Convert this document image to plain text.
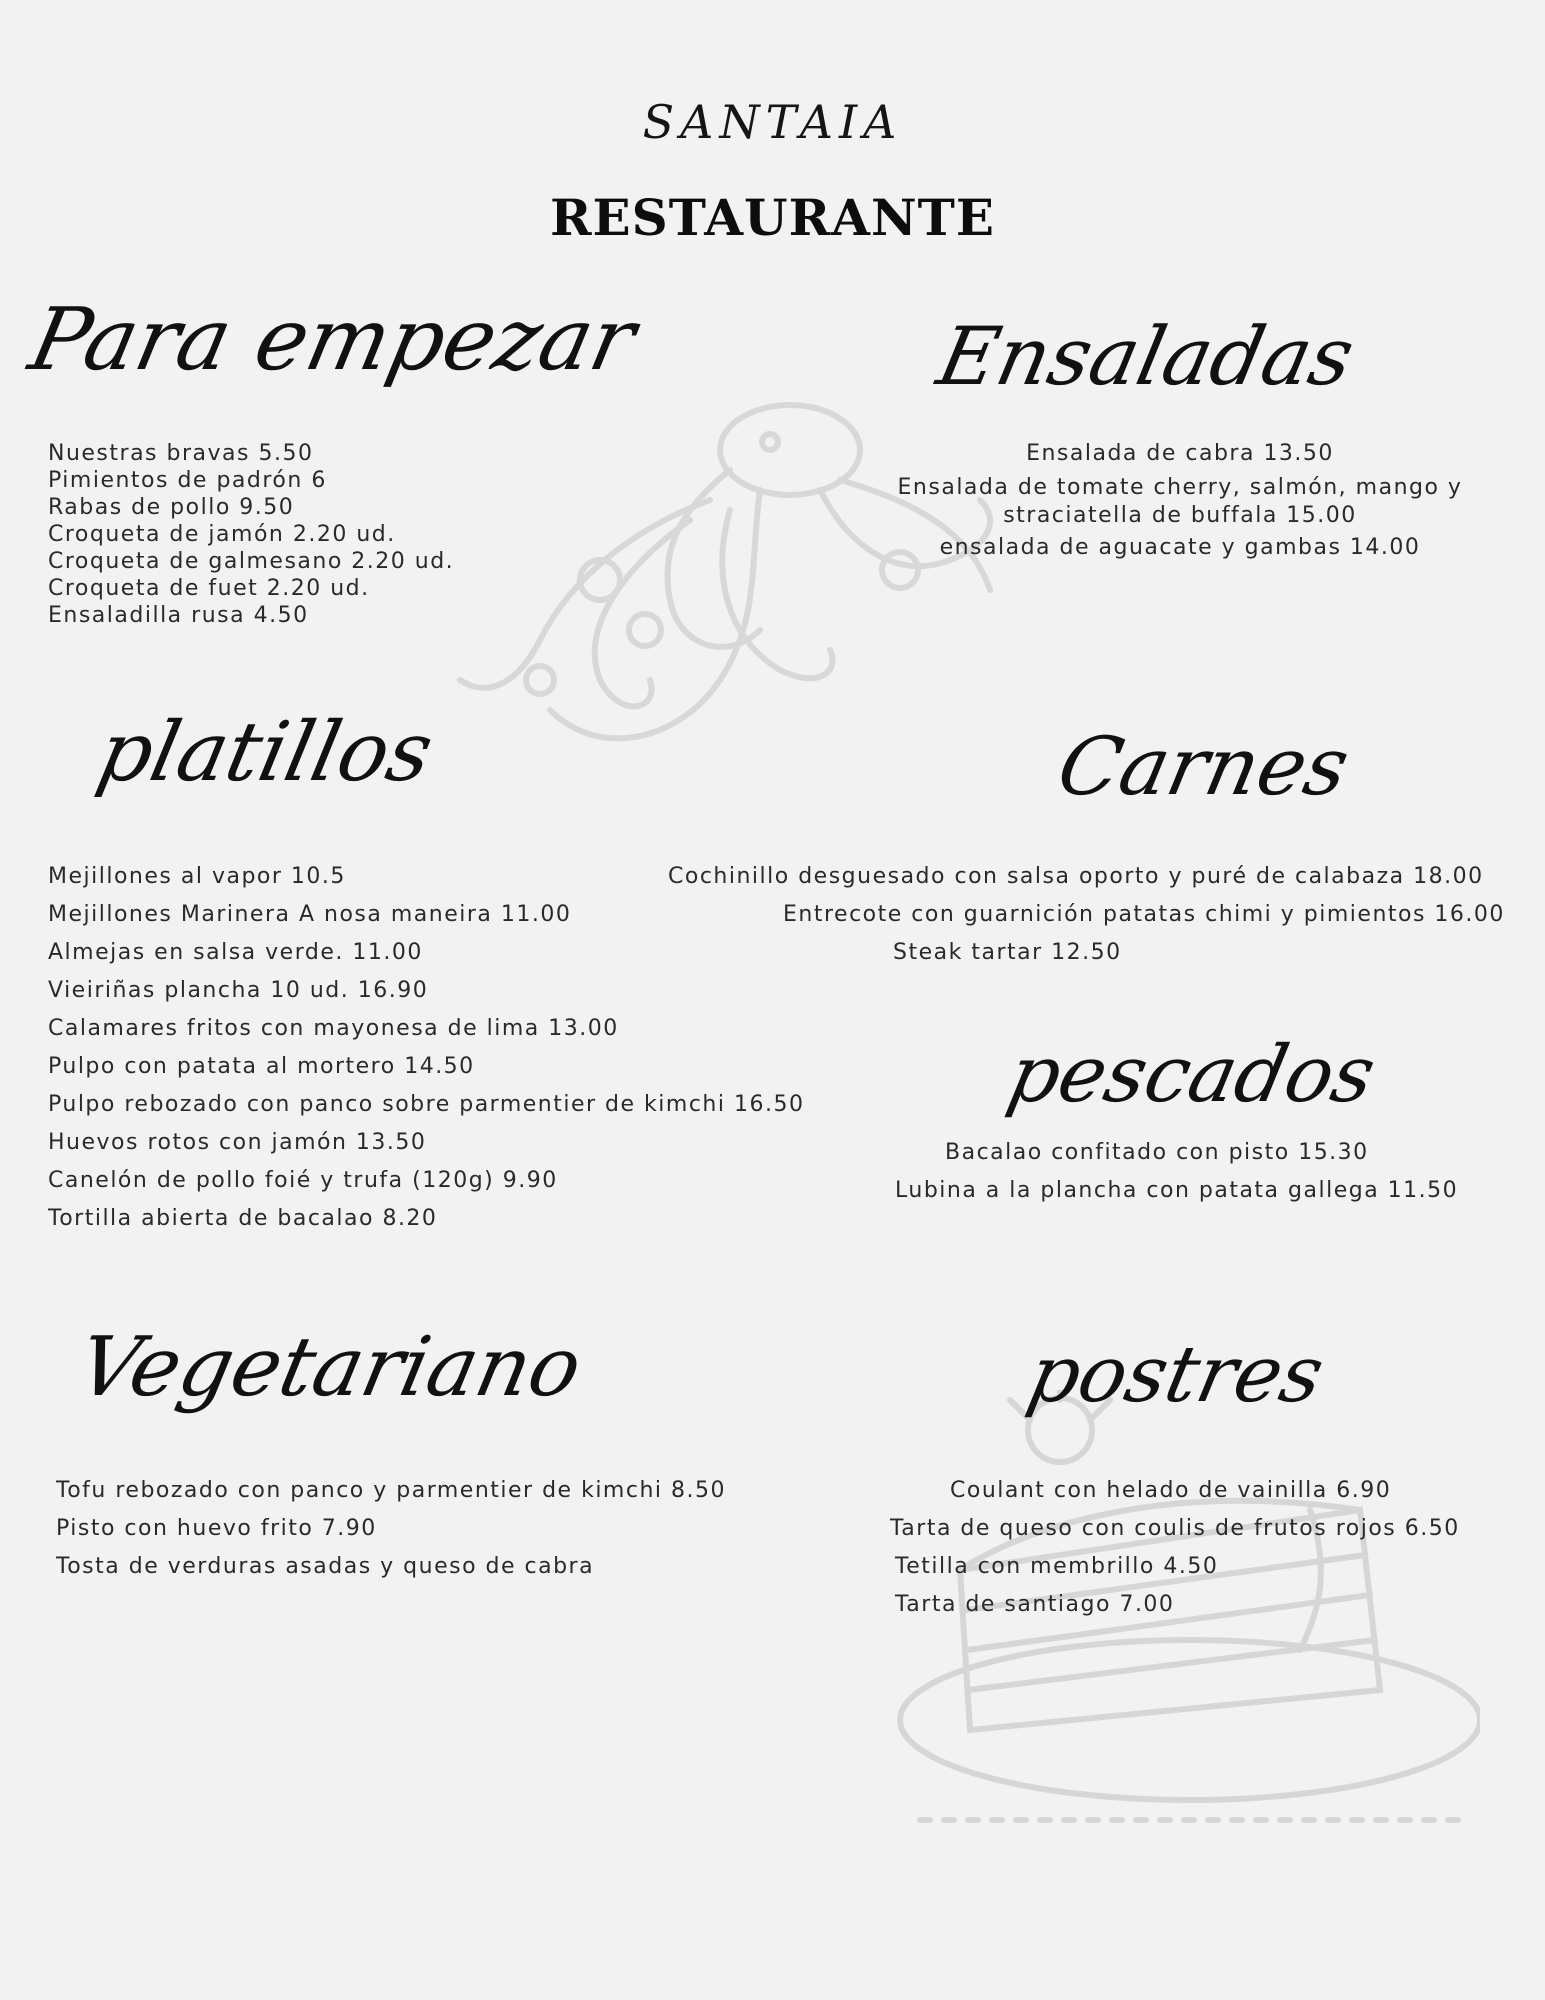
SANTAIA
RESTAURANTE
Para empezar
Nuestras bravas 5.50
Pimientos de padrón 6
Rabas de pollo 9.50
Croqueta de jamón 2.20 ud.
Croqueta de galmesano 2.20 ud.
Croqueta de fuet 2.20 ud.
Ensaladilla rusa 4.50
Ensaladas
Ensalada de cabra 13.50
Ensalada de tomate cherry, salmón, mango y
straciatella de buffala 15.00
ensalada de aguacate y gambas 14.00
platillos
Mejillones al vapor 10.5
Mejillones Marinera A nosa maneira 11.00
Almejas en salsa verde. 11.00
Vieiriñas plancha 10 ud. 16.90
Calamares fritos con mayonesa de lima 13.00
Pulpo con patata al mortero 14.50
Pulpo rebozado con panco sobre parmentier de kimchi 16.50
Huevos rotos con jamón 13.50
Canelón de pollo foié y trufa (120g) 9.90
Tortilla abierta de bacalao 8.20
Carnes
Cochinillo desguesado con salsa oporto y puré de calabaza 18.00
Entrecote con guarnición patatas chimi y pimientos 16.00
Steak tartar 12.50
pescados
Bacalao confitado con pisto 15.30
Lubina a la plancha con patata gallega 11.50
Vegetariano
Tofu rebozado con panco y parmentier de kimchi 8.50
Pisto con huevo frito 7.90
Tosta de verduras asadas y queso de cabra
postres
Coulant con helado de vainilla 6.90
Tarta de queso con coulis de frutos rojos 6.50
Tetilla con membrillo 4.50
Tarta de santiago 7.00
